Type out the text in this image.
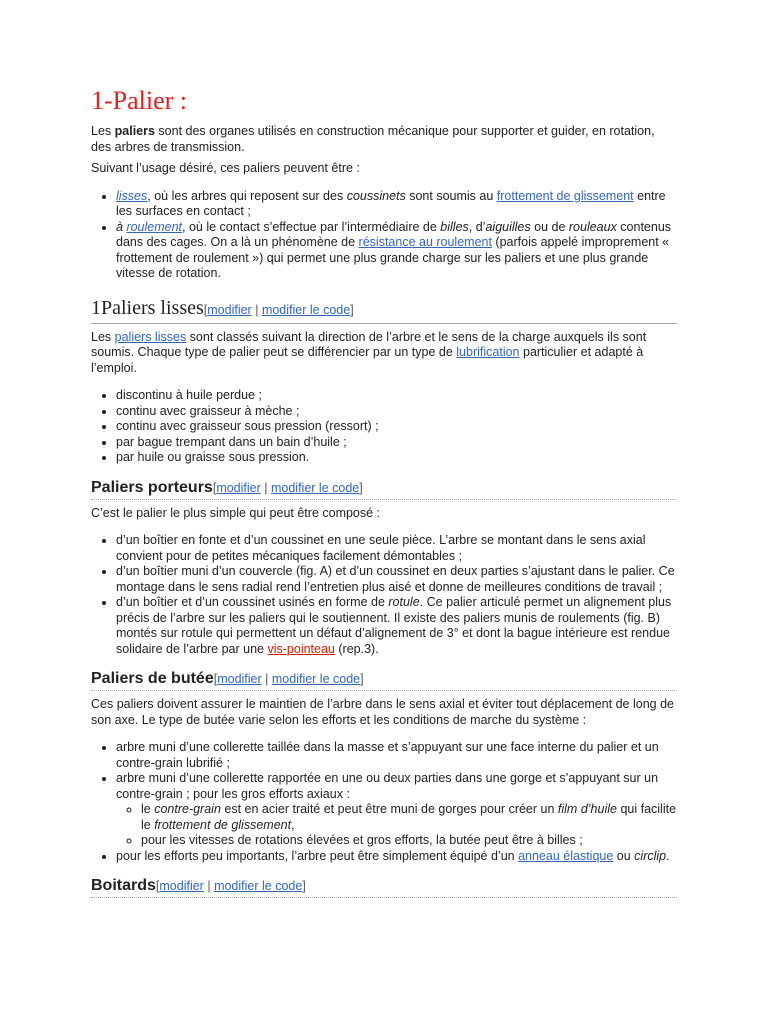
1-Palier :

Les paliers sont des organes utilisés en construction mécanique pour supporter et guider, en rotation, des arbres de transmission.

Suivant l’usage désiré, ces paliers peuvent être :

• lisses, où les arbres qui reposent sur des coussinets sont soumis au frottement de glissement entre les surfaces en contact ;
• à roulement, où le contact s’effectue par l’intermédiaire de billes, d’aiguilles ou de rouleaux contenus dans des cages. On a là un phénomène de résistance au roulement (parfois appelé improprement « frottement de roulement ») qui permet une plus grande charge sur les paliers et une plus grande vitesse de rotation.
1Paliers lisses [modifier | modifier le code]

Les paliers lisses sont classés suivant la direction de l’arbre et le sens de la charge auxquels ils sont soumis. Chaque type de palier peut se différencier par un type de lubrification particulier et adapté à l’emploi.

• discontinu à huile perdue ;
• continu avec graisseur à mèche ;
• continu avec graisseur sous pression (ressort) ;
• par bague trempant dans un bain d’huile ;
• par huile ou graisse sous pression.
Paliers porteurs [modifier | modifier le code]

C’est le palier le plus simple qui peut être composé :

• d’un boîtier en fonte et d’un coussinet en une seule pièce. L’arbre se montant dans le sens axial convient pour de petites mécaniques facilement démontables ;
• d’un boîtier muni d’un couvercle (fig. A) et d’un coussinet en deux parties s’ajustant dans le palier. Ce montage dans le sens radial rend l’entretien plus aisé et donne de meilleures conditions de travail ;
• d’un boîtier et d’un coussinet usinés en forme de rotule. Ce palier articulé permet un alignement plus précis de l’arbre sur les paliers qui le soutiennent. Il existe des paliers munis de roulements (fig. B) montés sur rotule qui permettent un défaut d’alignement de 3° et dont la bague intérieure est rendue solidaire de l’arbre par une vis-pointeau (rep.3).
Paliers de butée [modifier | modifier le code]

Ces paliers doivent assurer le maintien de l’arbre dans le sens axial et éviter tout déplacement de long de son axe. Le type de butée varie selon les efforts et les conditions de marche du système :

• arbre muni d’une collerette taillée dans la masse et s’appuyant sur une face interne du palier et un contre-grain lubrifié ;
• arbre muni d’une collerette rapportée en une ou deux parties dans une gorge et s’appuyant sur un contre-grain ; pour les gros efforts axiaux :
◦ le contre-grain est en acier traité et peut être muni de gorges pour créer un film d’huile qui facilite le frottement de glissement,
◦ pour les vitesses de rotations élevées et gros efforts, la butée peut être à billes ;
• pour les efforts peu importants, l’arbre peut être simplement équipé d’un anneau élastique ou circlip.
Boitards [modifier | modifier le code]
